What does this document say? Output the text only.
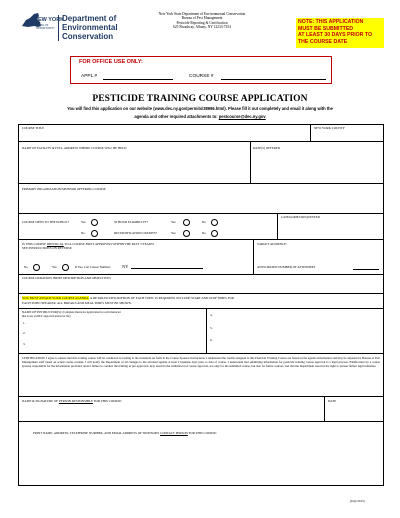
NEW YORK
STATE OF OPPORTUNITY
Department of
Environmental
Conservation
New York State Department of Environmental Conservation
Bureau of Pest Management
Pesticide Reporting & Certification
625 Broadway, Albany, NY 12233-7254
NOTE: THIS APPLICATION
MUST BE SUBMITTED
AT LEAST 30 DAYS PRIOR TO
THE COURSE DATE
FOR OFFICE USE ONLY:
APPL #	COURSE #
PESTICIDE TRAINING COURSE APPLICATION
You will find this application on our website (www.dec.ny.gov/permits/38986.html). Please fill it out completely and email it along with the
agenda and other required attachments to: pestcourse@dec.ny.gov
COURSE TITLE	NEW YORK COUNTY
NAME OF FACILITY & FULL ADDRESS WHERE COURSE WILL BE HELD	DATE(S) OFFERED
PRIMARY ORGANIZATION/SPONSOR OFFERING COURSE
COURSE OPEN TO THE PUBLIC?	Yes
No
50 HOUR ELIGIBILITY?	Yes	No
RECERTIFICATION CREDITS?	Yes	No
CATEGORIES REQUESTED
IS THIS COURSE IDENTICAL TO A COURSE FIRST APPROVED WITHIN THE PAST 3 YEARS?
SEE INSTRUCTIONS ON REVERSE
No	Yes	If Yes, List Course Number: NY
TARGET AUDIENCE:
ANTICIPATED NUMBER OF ATTENDEES
COURSE DURATION, BRIEF DESCRIPTION AND OBJECTIVES
YOU MUST ATTACH YOUR COURSE AGENDA. A DETAILED DESCRIPTION OF EACH TOPIC IS REQUIRED. INCLUDE START AND STOP TIMES FOR
EACH TOPIC/SPEAKER. ALL BREAKS AND MEAL TIMES MUST BE SHOWN.
NAME OF INSTRUCTOR(S): (Complete Instructor Application for each instructor
that is not on DEC approved instructor list)
1.
2.
3.
4.
5.
6.
CERTIFICATION: I agree to ensure that this training course will be conducted according to the standards set forth in the Course Sponsor Instructions. I understand the credits assigned to this Pesticide Training Course are based on the agenda information and may be adjusted by Bureau of Pest Management staff based on actual course content. I will notify the Department of all changes to the attached agenda at least 2 business days prior to date of course. I understand that submitting information for pesticide training course approval is a legal process. Falsification by a course sponsor responsible for the information provided, and/or failure to conduct the training as pre-approved, may result in the withdrawal of course approval, not only for the submitted course, but also for future courses, and that the Department reserves the right to pursue further legal remedies.
NAME & SIGNATURE OF PERSON RESPONSIBLE FOR THIS COURSE:	DATE
PRINT NAME, ADDRESS, TELEPHONE NUMBER, AND EMAIL ADDRESS OF SPONSOR'S CONTACT PERSON FOR THIS COURSE:
(July/2015)
